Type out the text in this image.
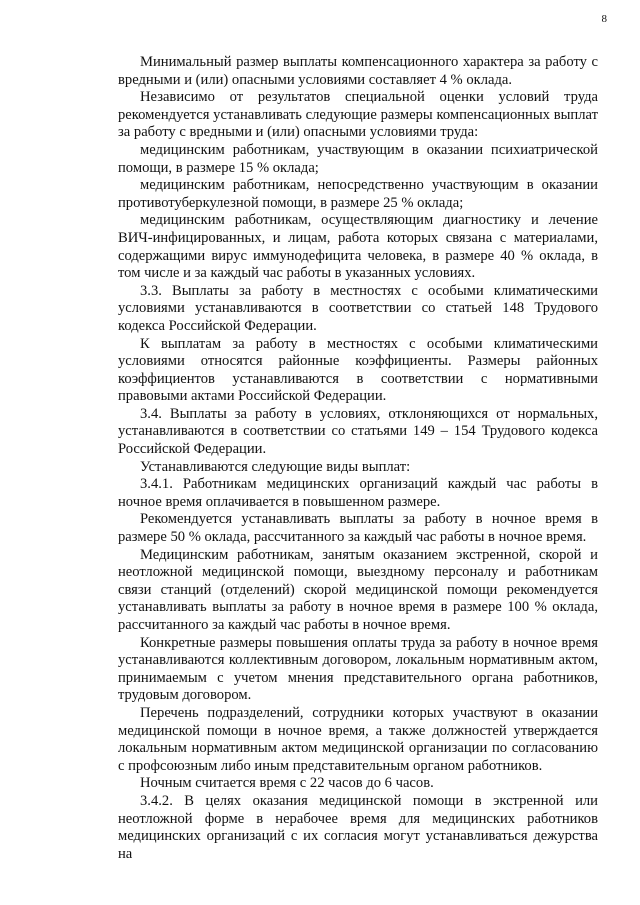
8

Минимальный размер выплаты компенсационного характера за работу с вредными и (или) опасными условиями составляет 4 % оклада.

Независимо от результатов специальной оценки условий труда рекомендуется устанавливать следующие размеры компенсационных выплат за работу с вредными и (или) опасными условиями труда:

медицинским работникам, участвующим в оказании психиатрической помощи, в размере 15 % оклада;

медицинским работникам, непосредственно участвующим в оказании противотуберкулезной помощи, в размере 25 % оклада;

медицинским работникам, осуществляющим диагностику и лечение ВИЧ-инфицированных, и лицам, работа которых связана с материалами, содержащими вирус иммунодефицита человека, в размере 40 % оклада, в том числе и за каждый час работы в указанных условиях.

3.3. Выплаты за работу в местностях с особыми климатическими условиями устанавливаются в соответствии со статьей 148 Трудового кодекса Российской Федерации.

К выплатам за работу в местностях с особыми климатическими условиями относятся районные коэффициенты. Размеры районных коэффициентов устанавливаются в соответствии с нормативными правовыми актами Российской Федерации.

3.4. Выплаты за работу в условиях, отклоняющихся от нормальных, устанавливаются в соответствии со статьями 149 – 154 Трудового кодекса Российской Федерации.

Устанавливаются следующие виды выплат:

3.4.1. Работникам медицинских организаций каждый час работы в ночное время оплачивается в повышенном размере.

Рекомендуется устанавливать выплаты за работу в ночное время в размере 50 % оклада, рассчитанного за каждый час работы в ночное время.

Медицинским работникам, занятым оказанием экстренной, скорой и неотложной медицинской помощи, выездному персоналу и работникам связи станций (отделений) скорой медицинской помощи рекомендуется устанавливать выплаты за работу в ночное время в размере 100 % оклада, рассчитанного за каждый час работы в ночное время.

Конкретные размеры повышения оплаты труда за работу в ночное время устанавливаются коллективным договором, локальным нормативным актом, принимаемым с учетом мнения представительного органа работников, трудовым договором.

Перечень подразделений, сотрудники которых участвуют в оказании медицинской помощи в ночное время, а также должностей утверждается локальным нормативным актом медицинской организации по согласованию с профсоюзным либо иным представительным органом работников.

Ночным считается время с 22 часов до 6 часов.

3.4.2. В целях оказания медицинской помощи в экстренной или неотложной форме в нерабочее время для медицинских работников медицинских организаций с их согласия могут устанавливаться дежурства на
